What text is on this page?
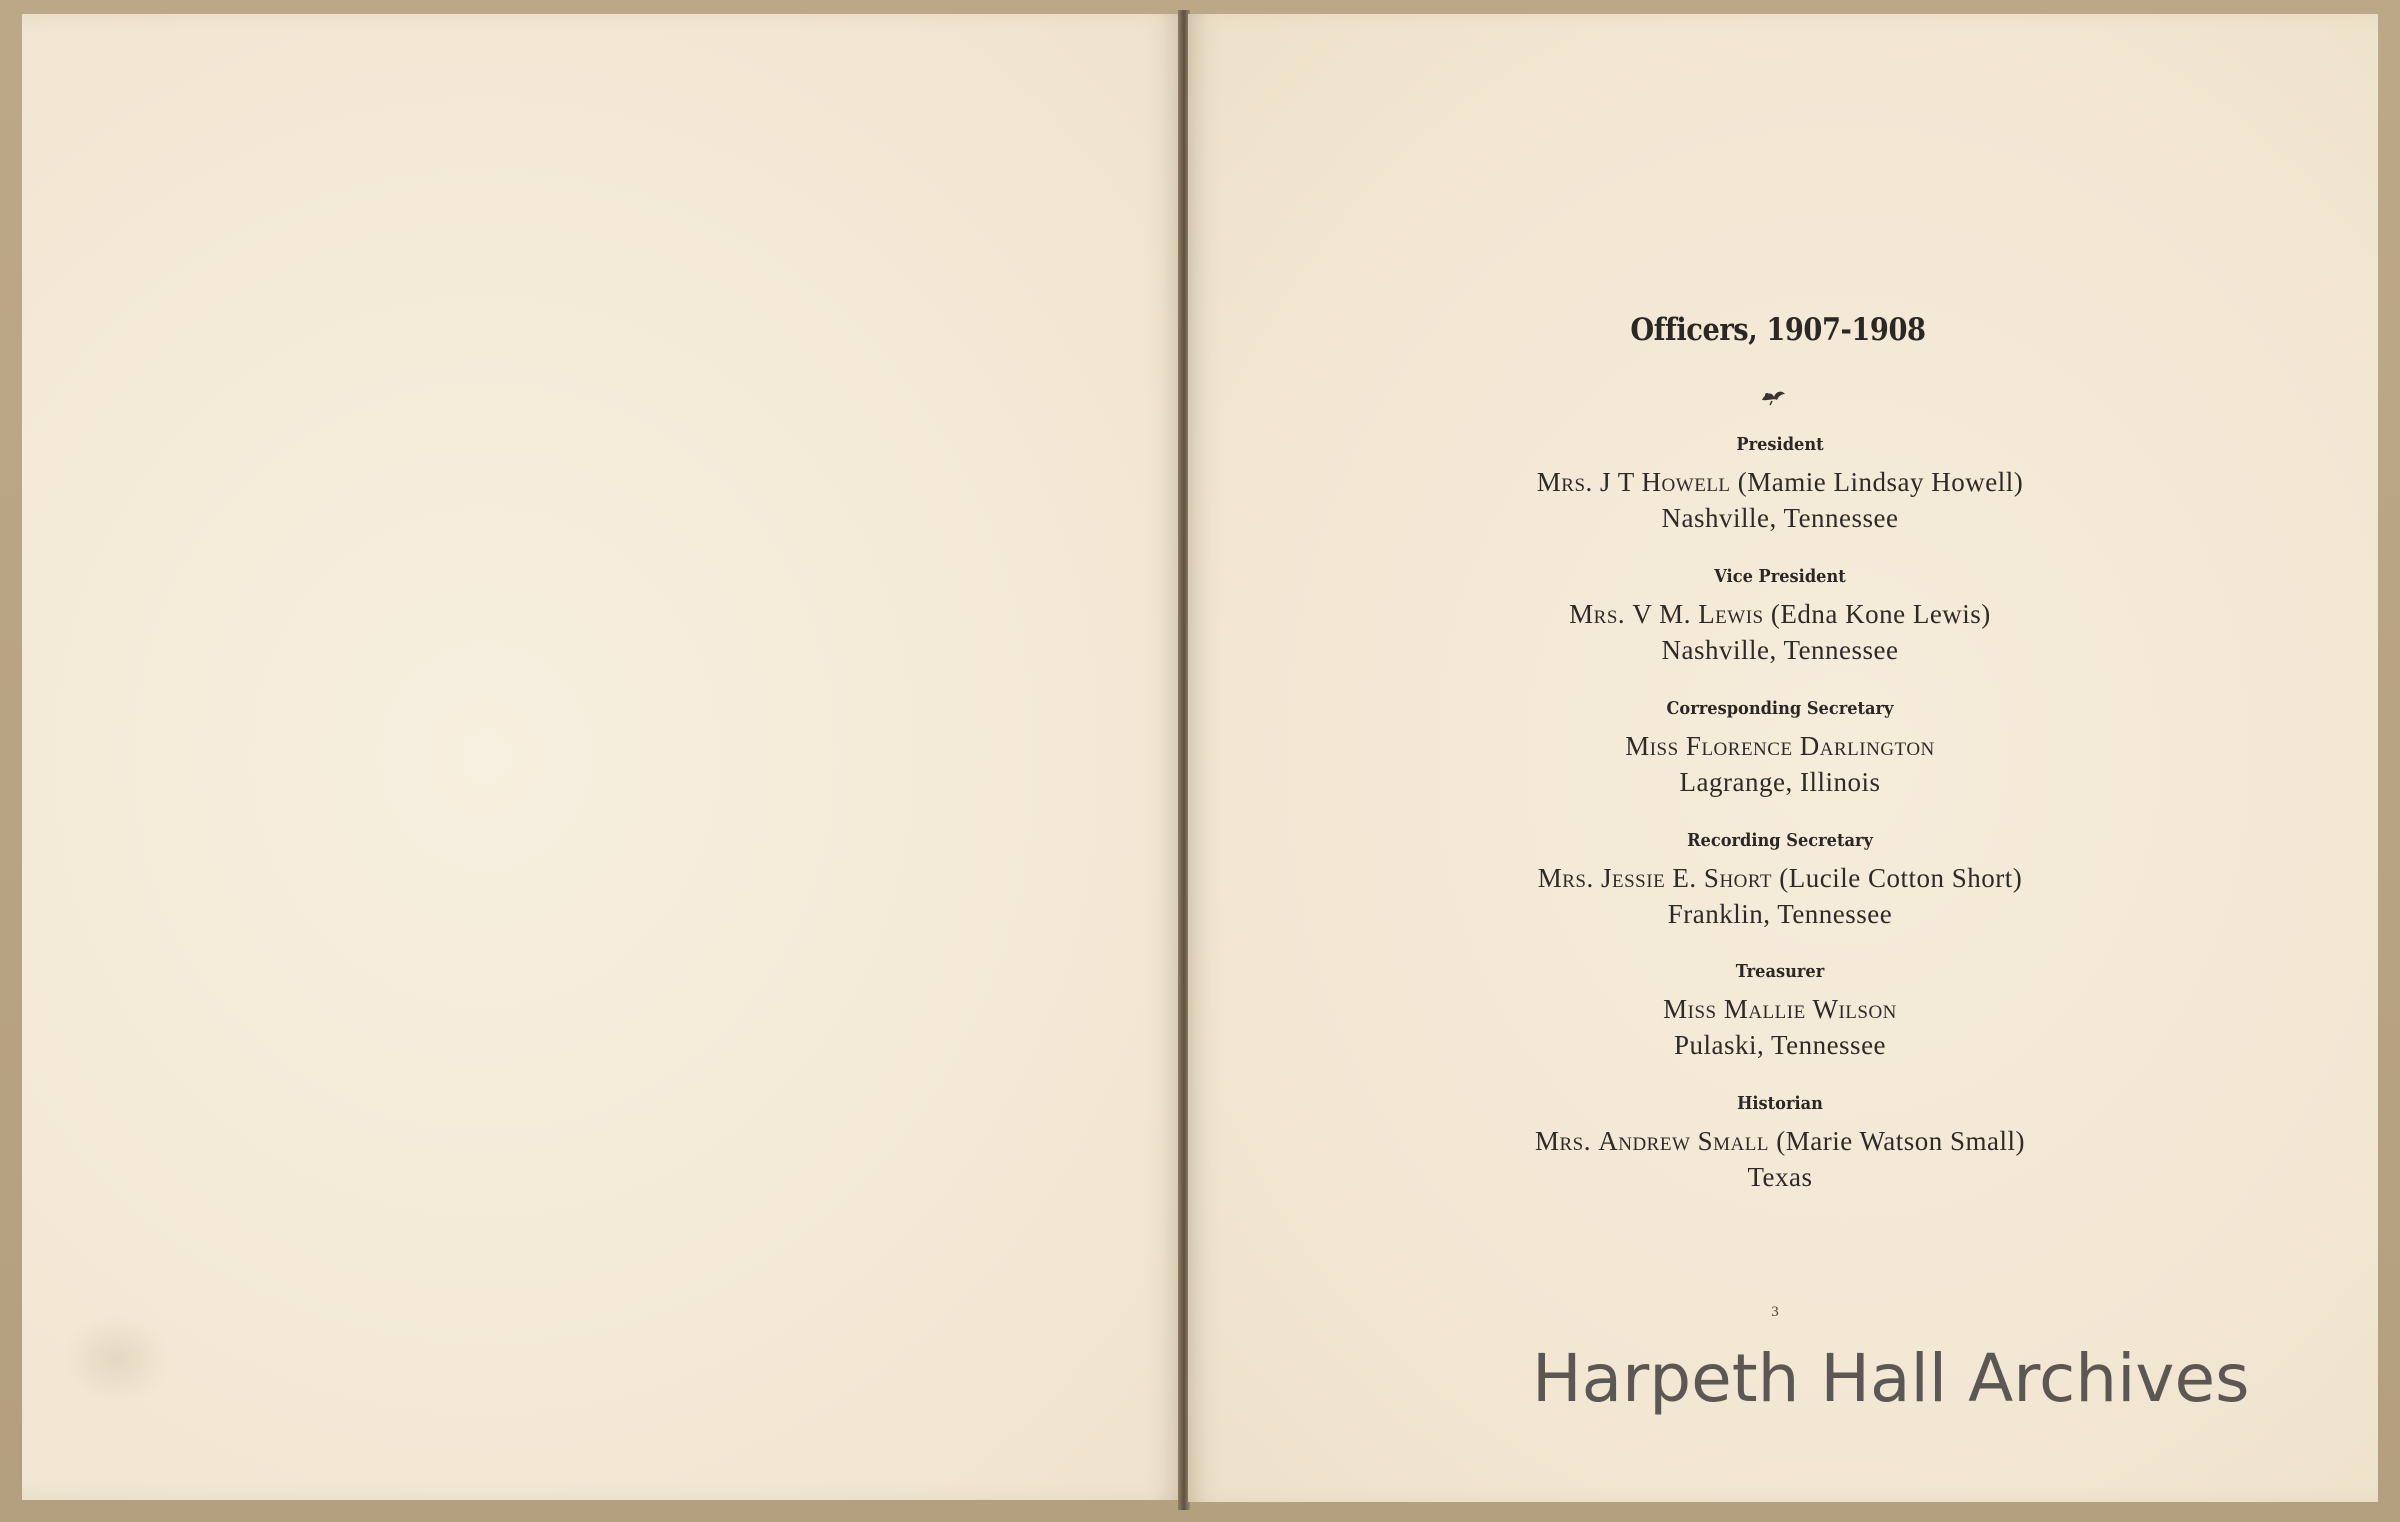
Officers, 1907-1908
President
Mrs. J T Howell (Mamie Lindsay Howell)
Nashville, Tennessee
Vice President
Mrs. V M. Lewis (Edna Kone Lewis)
Nashville, Tennessee
Corresponding Secretary
Miss Florence Darlington
Lagrange, Illinois
Recording Secretary
Mrs. Jessie E. Short (Lucile Cotton Short)
Franklin, Tennessee
Treasurer
Miss Mallie Wilson
Pulaski, Tennessee
Historian
Mrs. Andrew Small (Marie Watson Small)
Texas
3
Harpeth Hall Archives
